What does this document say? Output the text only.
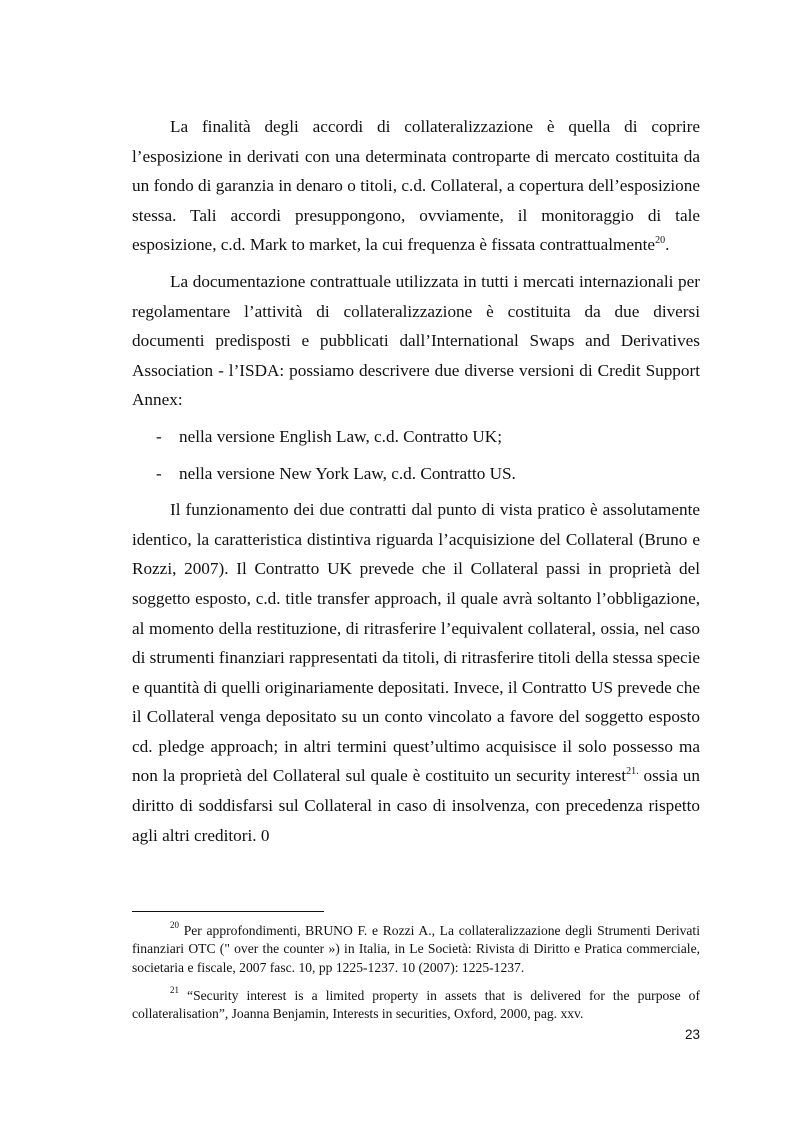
La finalità degli accordi di collateralizzazione è quella di coprire l’esposizione in derivati con una determinata controparte di mercato costituita da un fondo di garanzia in denaro o titoli, c.d. Collateral, a copertura dell’esposizione stessa. Tali accordi presuppongono, ovviamente, il monitoraggio di tale esposizione, c.d. Mark to market, la cui frequenza è fissata contrattualmente$^{20}$.

La documentazione contrattuale utilizzata in tutti i mercati internazionali per regolamentare l’attività di collateralizzazione è costituita da due diversi documenti predisposti e pubblicati dall’International Swaps and Derivatives Association - l’ISDA: possiamo descrivere due diverse versioni di Credit Support Annex:

- nella versione English Law, c.d. Contratto UK;
- nella versione New York Law, c.d. Contratto US.

Il funzionamento dei due contratti dal punto di vista pratico è assolutamente identico, la caratteristica distintiva riguarda l’acquisizione del Collateral (Bruno e Rozzi, 2007). Il Contratto UK prevede che il Collateral passi in proprietà del soggetto esposto, c.d. title transfer approach, il quale avrà soltanto l’obbligazione, al momento della restituzione, di ritrasferire l’equivalent collateral, ossia, nel caso di strumenti finanziari rappresentati da titoli, di ritrasferire titoli della stessa specie e quantità di quelli originariamente depositati. Invece, il Contratto US prevede che il Collateral venga depositato su un conto vincolato a favore del soggetto esposto cd. pledge approach; in altri termini quest’ultimo acquisisce il solo possesso ma non la proprietà del Collateral sul quale è costituito un security interest$^{21.}$ ossia un diritto di soddisfarsi sul Collateral in caso di insolvenza, con precedenza rispetto agli altri creditori. 0

$^{20}$ Per approfondimenti, BRUNO F. e Rozzi A., La collateralizzazione degli Strumenti Derivati finanziari OTC (" over the counter ») in Italia, in Le Società: Rivista di Diritto e Pratica commerciale, societaria e fiscale, 2007 fasc. 10, pp 1225-1237. 10 (2007): 1225-1237.

$^{21}$ “Security interest is a limited property in assets that is delivered for the purpose of collateralisation”, Joanna Benjamin, Interests in securities, Oxford, 2000, pag. xxv.

23
